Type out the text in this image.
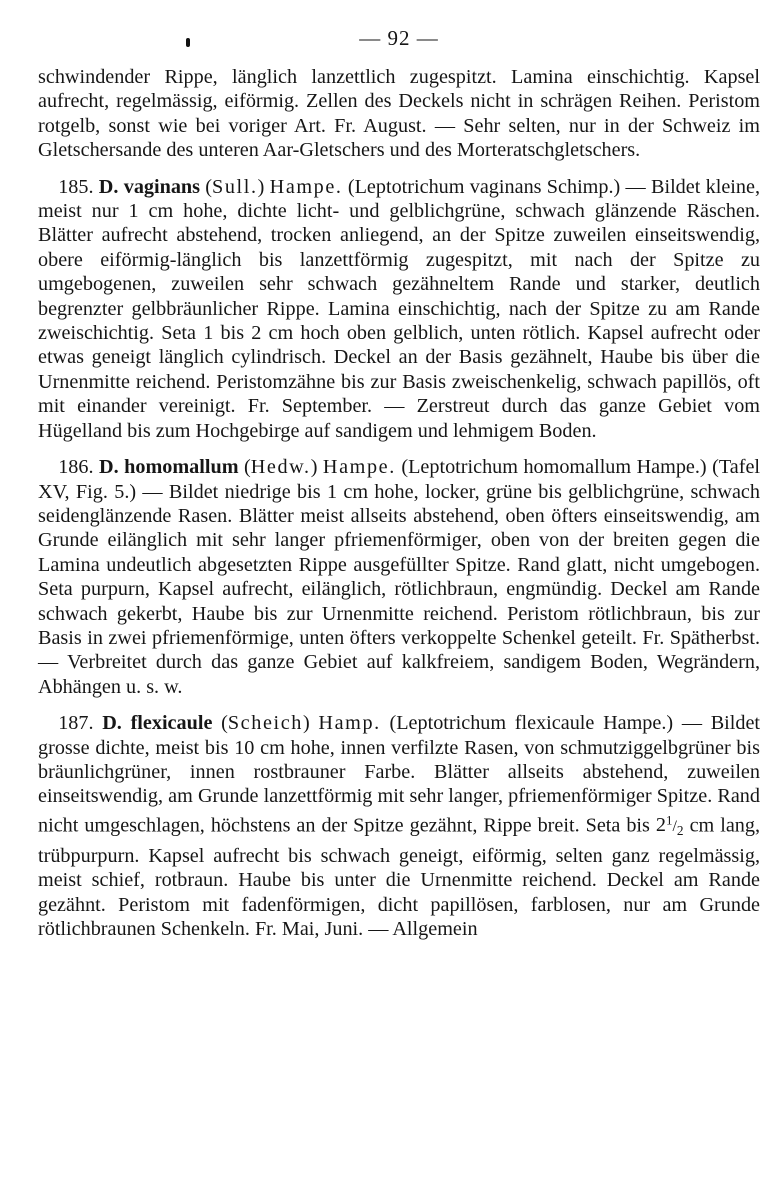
— 92 —

schwindender Rippe, länglich lanzettlich zugespitzt. Lamina einschichtig. Kapsel aufrecht, regelmässig, eiförmig. Zellen des Deckels nicht in schrägen Reihen. Peristom rotgelb, sonst wie bei voriger Art. Fr. August. — Sehr selten, nur in der Schweiz im Gletschersande des unteren Aar-Gletschers und des Morteratschgletschers.

 185. D. vaginans (Sull.) Hampe. (Leptotrichum vaginans Schimp.) — Bildet kleine, meist nur 1 cm hohe, dichte licht- und gelblichgrüne, schwach glänzende Räschen. Blätter aufrecht abstehend, trocken anliegend, an der Spitze zuweilen einseitswendig, obere eiförmig-länglich bis lanzettförmig zugespitzt, mit nach der Spitze zu umgebogenen, zuweilen sehr schwach gezähneltem Rande und starker, deutlich begrenzter gelbbräunlicher Rippe. Lamina einschichtig, nach der Spitze zu am Rande zweischichtig. Seta 1 bis 2 cm hoch oben gelblich, unten rötlich. Kapsel aufrecht oder etwas geneigt länglich cylindrisch. Deckel an der Basis gezähnelt, Haube bis über die Urnenmitte reichend. Peristomzähne bis zur Basis zweischenkelig, schwach papillös, oft mit einander vereinigt. Fr. September. — Zerstreut durch das ganze Gebiet vom Hügelland bis zum Hochgebirge auf sandigem und lehmigem Boden.

 186. D. homomallum (Hedw.) Hampe. (Leptotrichum homomallum Hampe.) (Tafel XV, Fig. 5.) — Bildet niedrige bis 1 cm hohe, locker, grüne bis gelblichgrüne, schwach seidenglänzende Rasen. Blätter meist allseits abstehend, oben öfters einseitswendig, am Grunde eilänglich mit sehr langer pfriemenförmiger, oben von der breiten gegen die Lamina undeutlich abgesetzten Rippe ausgefüllter Spitze. Rand glatt, nicht umgebogen. Seta purpurn, Kapsel aufrecht, eilänglich, rötlichbraun, engmündig. Deckel am Rande schwach gekerbt, Haube bis zur Urnenmitte reichend. Peristom rötlichbraun, bis zur Basis in zwei pfriemenförmige, unten öfters verkoppelte Schenkel geteilt. Fr. Spätherbst. — Verbreitet durch das ganze Gebiet auf kalkfreiem, sandigem Boden, Wegrändern, Abhängen u. s. w.

 187. D. flexicaule (Scheich) Hamp. (Leptotrichum flexicaule Hampe.) — Bildet grosse dichte, meist bis 10 cm hohe, innen verfilzte Rasen, von schmutziggelbgrüner bis bräunlichgrüner, innen rostbrauner Farbe. Blätter allseits abstehend, zuweilen einseitswendig, am Grunde lanzettförmig mit sehr langer, pfriemenförmiger Spitze. Rand nicht umgeschlagen, höchstens an der Spitze gezähnt, Rippe breit. Seta bis $2^1/_2$ cm lang, trübpurpurn. Kapsel aufrecht bis schwach geneigt, eiförmig, selten ganz regelmässig, meist schief, rotbraun. Haube bis unter die Urnenmitte reichend. Deckel am Rande gezähnt. Peristom mit fadenförmigen, dicht papillösen, farblosen, nur am Grunde rötlichbraunen Schenkeln. Fr. Mai, Juni. — Allgemein
